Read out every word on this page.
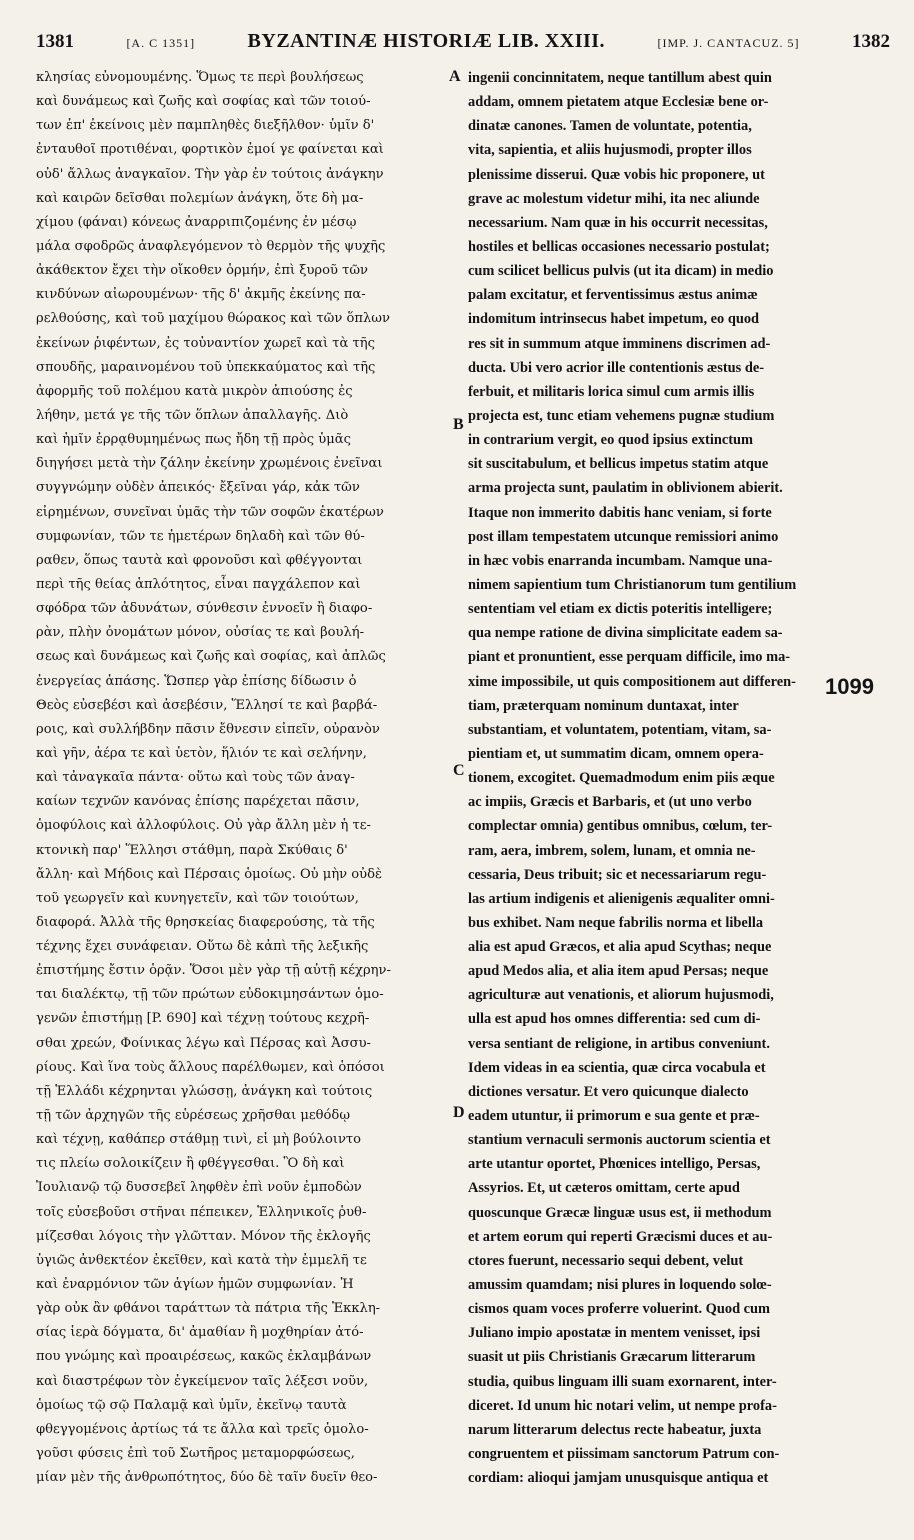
1381	[A. C 1351]	BYZANTINÆ HISTORIÆ LIB. XXIII.	[IMP. J. CANTACUZ. 5]	1382
κλησίας εὐνομουμένης. Ὅμως τε περὶ βουλήσεως
καὶ δυνάμεως καὶ ζωῆς καὶ σοφίας καὶ τῶν τοιού-
των ἐπ' ἐκείνοις μὲν παμπληθὲς διεξῆλθον· ὑμῖν δ'
ἐνταυθοῖ προτιθέναι, φορτικὸν ἐμοί γε φαίνεται καὶ
οὐδ' ἄλλως ἀναγκαῖον. Τὴν γὰρ ἐν τούτοις ἀνάγκην
καὶ καιρῶν δεῖσθαι πολεμίων ἀνάγκη, ὅτε δὴ μα-
χίμου (φάναι) κόνεως ἀναρριπιζομένης ἐν μέσῳ
μάλα σφοδρῶς ἀναφλεγόμενον τὸ θερμὸν τῆς ψυχῆς
ἀκάθεκτον ἔχει τὴν οἴκοθεν ὁρμήν, ἐπὶ ξυροῦ τῶν
κινδύνων αἰωρουμένων· τῆς δ' ἀκμῆς ἐκείνης πα-
ρελθούσης, καὶ τοῦ μαχίμου θώρακος καὶ τῶν ὅπλων
ἐκείνων ῥιφέντων, ἐς τοὐναντίον χωρεῖ καὶ τὰ τῆς
σπουδῆς, μαραινομένου τοῦ ὑπεκκαύματος καὶ τῆς
ἀφορμῆς τοῦ πολέμου κατὰ μικρὸν ἀπιούσης ἐς
λήθην, μετά γε τῆς τῶν ὅπλων ἀπαλλαγῆς. Διὸ
καὶ ἡμῖν ἐρρᾳθυμημένως πως ἤδη τῇ πρὸς ὑμᾶς
διηγήσει μετὰ τὴν ζάλην ἐκείνην χρωμένοις ἐνεῖναι
συγγνώμην οὐδὲν ἀπεικός· ἔξεῖναι γάρ, κἀκ τῶν
εἰρημένων, συνεῖναι ὑμᾶς τὴν τῶν σοφῶν ἑκατέρων
συμφωνίαν, τῶν τε ἡμετέρων δηλαδὴ καὶ τῶν θύ-
ραθεν, ὅπως ταυτὰ καὶ φρονοῦσι καὶ φθέγγονται
περὶ τῆς θείας ἁπλότητος, εἶναι παγχάλεπον καὶ
σφόδρα τῶν ἀδυνάτων, σύνθεσιν ἐννοεῖν ἢ διαφο-
ρὰν, πλὴν ὀνομάτων μόνον, οὐσίας τε καὶ βουλή-
σεως καὶ δυνάμεως καὶ ζωῆς καὶ σοφίας, καὶ ἁπλῶς
ἐνεργείας ἁπάσης. Ὥσπερ γὰρ ἐπίσης δίδωσιν ὁ
Θεὸς εὐσεβέσι καὶ ἀσεβέσιν, Ἕλλησί τε καὶ βαρβά-
ροις, καὶ συλλήβδην πᾶσιν ἔθνεσιν εἰπεῖν, οὐρανὸν
καὶ γῆν, ἀέρα τε καὶ ὑετὸν, ἥλιόν τε καὶ σελήνην,
καὶ τἀναγκαῖα πάντα· οὕτω καὶ τοὺς τῶν ἀναγ-
καίων τεχνῶν κανόνας ἐπίσης παρέχεται πᾶσιν,
ὁμοφύλοις καὶ ἀλλοφύλοις. Οὐ γὰρ ἄλλη μὲν ἡ τε-
κτονικὴ παρ' Ἕλλησι στάθμη, παρὰ Σκύθαις δ'
ἄλλη· καὶ Μήδοις καὶ Πέρσαις ὁμοίως. Οὐ μὴν οὐδὲ
τοῦ γεωργεῖν καὶ κυνηγετεῖν, καὶ τῶν τοιούτων,
διαφορά. Ἀλλὰ τῆς θρησκείας διαφερούσης, τὰ τῆς
τέχνης ἔχει συνάφειαν. Οὕτω δὲ κἀπὶ τῆς λεξικῆς
ἐπιστήμης ἔστιν ὁρᾷν. Ὅσοι μὲν γὰρ τῇ αὐτῇ κέχρην-
ται διαλέκτῳ, τῇ τῶν πρώτων εὐδοκιμησάντων ὁμο-
γενῶν ἐπιστήμῃ [P. 690] καὶ τέχνῃ τούτους κεχρῆ-
σθαι χρεών, Φοίνικας λέγω καὶ Πέρσας καὶ Ἀσσυ-
ρίους. Καὶ ἵνα τοὺς ἄλλους παρέλθωμεν, καὶ ὁπόσοι
τῇ Ἑλλάδι κέχρηνται γλώσσῃ, ἀνάγκη καὶ τούτοις
τῇ τῶν ἀρχηγῶν τῆς εὑρέσεως χρῆσθαι μεθόδῳ
καὶ τέχνῃ, καθάπερ στάθμῃ τινὶ, εἰ μὴ βούλοιντο
τις πλείω σολοικίζειν ἢ φθέγγεσθαι. Ὃ δὴ καὶ
Ἰουλιανῷ τῷ δυσσεβεῖ ληφθὲν ἐπὶ νοῦν ἐμποδὼν
τοῖς εὐσεβοῦσι στῆναι πέπεικεν, Ἑλληνικοῖς ῥυθ-
μίζεσθαι λόγοις τὴν γλῶτταν. Μόνον τῆς ἐκλογῆς
ὑγιῶς ἀνθεκτέον ἐκεῖθεν, καὶ κατὰ τὴν ἐμμελῆ τε
καὶ ἐναρμόνιον τῶν ἁγίων ἡμῶν συμφωνίαν. Ἡ
γὰρ οὐκ ἂν φθάνοι ταράττων τὰ πάτρια τῆς Ἐκκλη-
σίας ἱερὰ δόγματα, δι' ἀμαθίαν ἢ μοχθηρίαν ἀτό-
που γνώμης καὶ προαιρέσεως, κακῶς ἐκλαμβάνων
καὶ διαστρέφων τὸν ἐγκείμενον ταῖς λέξεσι νοῦν,
ὁμοίως τῷ σῷ Παλαμᾷ καὶ ὑμῖν, ἐκεῖνῳ ταυτὰ
φθεγγομένοις ἀρτίως τά τε ἄλλα καὶ τρεῖς ὁμολο-
γοῦσι φύσεις ἐπὶ τοῦ Σωτῆρος μεταμορφώσεως,
μίαν μὲν τῆς ἀνθρωπότητος, δύο δὲ ταῖν δυεῖν θεο-
ingenii concinnitatem, neque tantillum abest quin
addam, omnem pietatem atque Ecclesiæ bene or-
dinatæ canones. Tamen de voluntate, potentia,
vita, sapientia, et aliis hujusmodi, propter illos
plenissime disserui. Quæ vobis hic proponere, ut
grave ac molestum videtur mihi, ita nec aliunde
necessarium. Nam quæ in his occurrit necessitas,
hostiles et bellicas occasiones necessario postulat;
cum scilicet bellicus pulvis (ut ita dicam) in medio
palam excitatur, et ferventissimus æstus animæ
indomitum intrinsecus habet impetum, eo quod
res sit in summum atque imminens discrimen ad-
ducta. Ubi vero acrior ille contentionis æstus de-
ferbuit, et militaris lorica simul cum armis illis
projecta est, tunc etiam vehemens pugnæ studium
in contrarium vergit, eo quod ipsius extinctum
sit suscitabulum, et bellicus impetus statim atque
arma projecta sunt, paulatim in oblivionem abierit.
Itaque non immerito dabitis hanc veniam, si forte
post illam tempestatem utcunque remissiori animo
in hæc vobis enarranda incumbam. Namque una-
nimem sapientium tum Christianorum tum gentilium
sententiam vel etiam ex dictis poteritis intelligere;
qua nempe ratione de divina simplicitate eadem sa-
piant et pronuntient, esse perquam difficile, imo ma-
xime impossibile, ut quis compositionem aut differen-
tiam, præterquam nominum duntaxat, inter
substantiam, et voluntatem, potentiam, vitam, sa-
pientiam et, ut summatim dicam, omnem opera-
tionem, excogitet. Quemadmodum enim piis æque
ac impiis, Græcis et Barbaris, et (ut uno verbo
complectar omnia) gentibus omnibus, cœlum, ter-
ram, aera, imbrem, solem, lunam, et omnia ne-
cessaria, Deus tribuit; sic et necessariarum regu-
las artium indigenis et alienigenis æqualiter omni-
bus exhibet. Nam neque fabrilis norma et libella
alia est apud Græcos, et alia apud Scythas; neque
apud Medos alia, et alia item apud Persas; neque
agriculturæ aut venationis, et aliorum hujusmodi,
ulla est apud hos omnes differentia: sed cum di-
versa sentiant de religione, in artibus conveniunt.
Idem videas in ea scientia, quæ circa vocabula et
dictiones versatur. Et vero quicunque dialecto
eadem utuntur, ii primorum e sua gente et præ-
stantium vernaculi sermonis auctorum scientia et
arte utantur oportet, Phœnices intelligo, Persas,
Assyrios. Et, ut cæteros omittam, certe apud
quoscunque Græcæ linguæ usus est, ii methodum
et artem eorum qui reperti Græcismi duces et au-
ctores fuerunt, necessario sequi debent, velut
amussim quamdam; nisi plures in loquendo solœ-
cismos quam voces proferre voluerint. Quod cum
Juliano impio apostatæ in mentem venisset, ipsi
suasit ut piis Christianis Græcarum litterarum
studia, quibus linguam illi suam exornarent, inter-
diceret. Id unum hic notari velim, ut nempe profa-
narum litterarum delectus recte habeatur, juxta
congruentem et piissimam sanctorum Patrum con-
cordiam: alioqui jamjam unusquisque antiqua et
A
B
C
D
1099
